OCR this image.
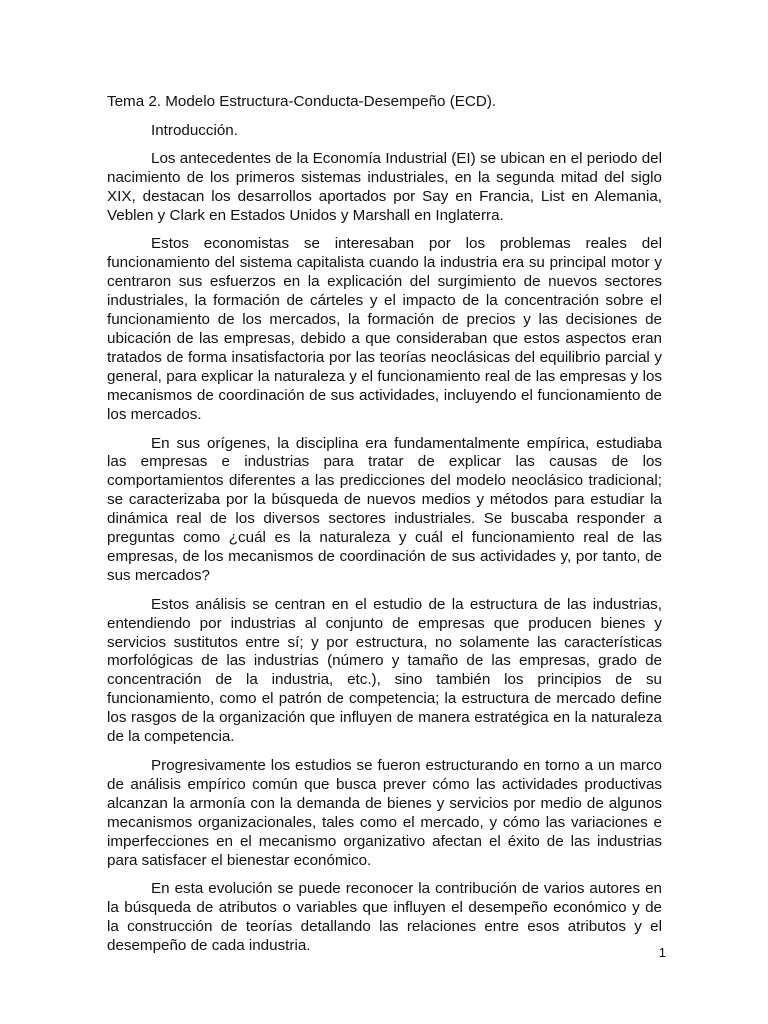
Tema 2. Modelo Estructura-Conducta-Desempeño (ECD).

Introducción.

Los antecedentes de la Economía Industrial (EI) se ubican en el periodo del nacimiento de los primeros sistemas industriales, en la segunda mitad del siglo XIX, destacan los desarrollos aportados por Say en Francia, List en Alemania, Veblen y Clark en Estados Unidos y Marshall en Inglaterra.

Estos economistas se interesaban por los problemas reales del funcionamiento del sistema capitalista cuando la industria era su principal motor y centraron sus esfuerzos en la explicación del surgimiento de nuevos sectores industriales, la formación de cárteles y el impacto de la concentración sobre el funcionamiento de los mercados, la formación de precios y las decisiones de ubicación de las empresas, debido a que consideraban que estos aspectos eran tratados de forma insatisfactoria por las teorías neoclásicas del equilibrio parcial y general, para explicar la naturaleza y el funcionamiento real de las empresas y los mecanismos de coordinación de sus actividades, incluyendo el funcionamiento de los mercados.

En sus orígenes, la disciplina era fundamentalmente empírica, estudiaba las empresas e industrias para tratar de explicar las causas de los comportamientos diferentes a las predicciones del modelo neoclásico tradicional; se caracterizaba por la búsqueda de nuevos medios y métodos para estudiar la dinámica real de los diversos sectores industriales. Se buscaba responder a preguntas como ¿cuál es la naturaleza y cuál el funcionamiento real de las empresas, de los mecanismos de coordinación de sus actividades y, por tanto, de sus mercados?

Estos análisis se centran en el estudio de la estructura de las industrias, entendiendo por industrias al conjunto de empresas que producen bienes y servicios sustitutos entre sí; y por estructura, no solamente las características morfológicas de las industrias (número y tamaño de las empresas, grado de concentración de la industria, etc.), sino también los principios de su funcionamiento, como el patrón de competencia; la estructura de mercado define los rasgos de la organización que influyen de manera estratégica en la naturaleza de la competencia.

Progresivamente los estudios se fueron estructurando en torno a un marco de análisis empírico común que busca prever cómo las actividades productivas alcanzan la armonía con la demanda de bienes y servicios por medio de algunos mecanismos organizacionales, tales como el mercado, y cómo las variaciones e imperfecciones en el mecanismo organizativo afectan el éxito de las industrias para satisfacer el bienestar económico.

En esta evolución se puede reconocer la contribución de varios autores en la búsqueda de atributos o variables que influyen el desempeño económico y de la construcción de teorías detallando las relaciones entre esos atributos y el desempeño de cada industria.	1
